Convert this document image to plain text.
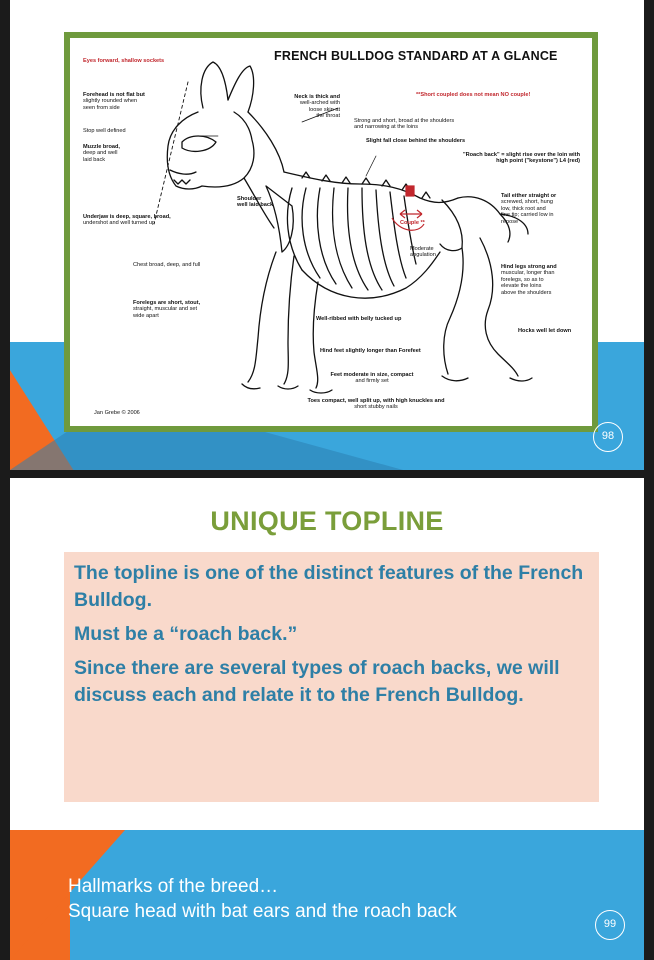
FRENCH BULLDOG STANDARD AT A GLANCE
Eyes forward, shallow sockets
Forehead is not flat but
slightly rounded when
seen from side
Stop well defined
Muzzle broad,
deep and well
laid back
Underjaw is deep, square, broad,
undershot and well turned up
Chest broad, deep, and full
Forelegs are short, stout,
straight, muscular and set
wide apart
Neck is thick and
well-arched with
loose skin at
the throat
**Short coupled does not mean NO couple!
Strong and short, broad at the shoulders
and narrowing at the loins
Slight fall close behind the shoulders
"Roach back" = slight rise over the loin with
high point ("keystone") L4 (red)
Shoulder
well laid back
Couple **
Moderate
angulation
Tail either straight or
screwed, short, hung
low, thick root and
fine tip; carried low in
repose
Hind legs strong and
muscular, longer than
forelegs, so as to
elevate the loins
above the shoulders
Hocks well let down
Well-ribbed with belly tucked up
Hind feet slightly longer than Forefeet
Feet moderate in size, compact
and firmly set
Toes compact, well split up, with high knuckles and
short stubby nails
Jan Grebe © 2006
98
UNIQUE TOPLINE

The topline is one of the distinct features of the French Bulldog.

Must be a “roach back.”

Since there are several types of roach backs, we will discuss each and relate it to the French Bulldog.

Hallmarks of the breed…
Square head with bat ears and the roach back
99
